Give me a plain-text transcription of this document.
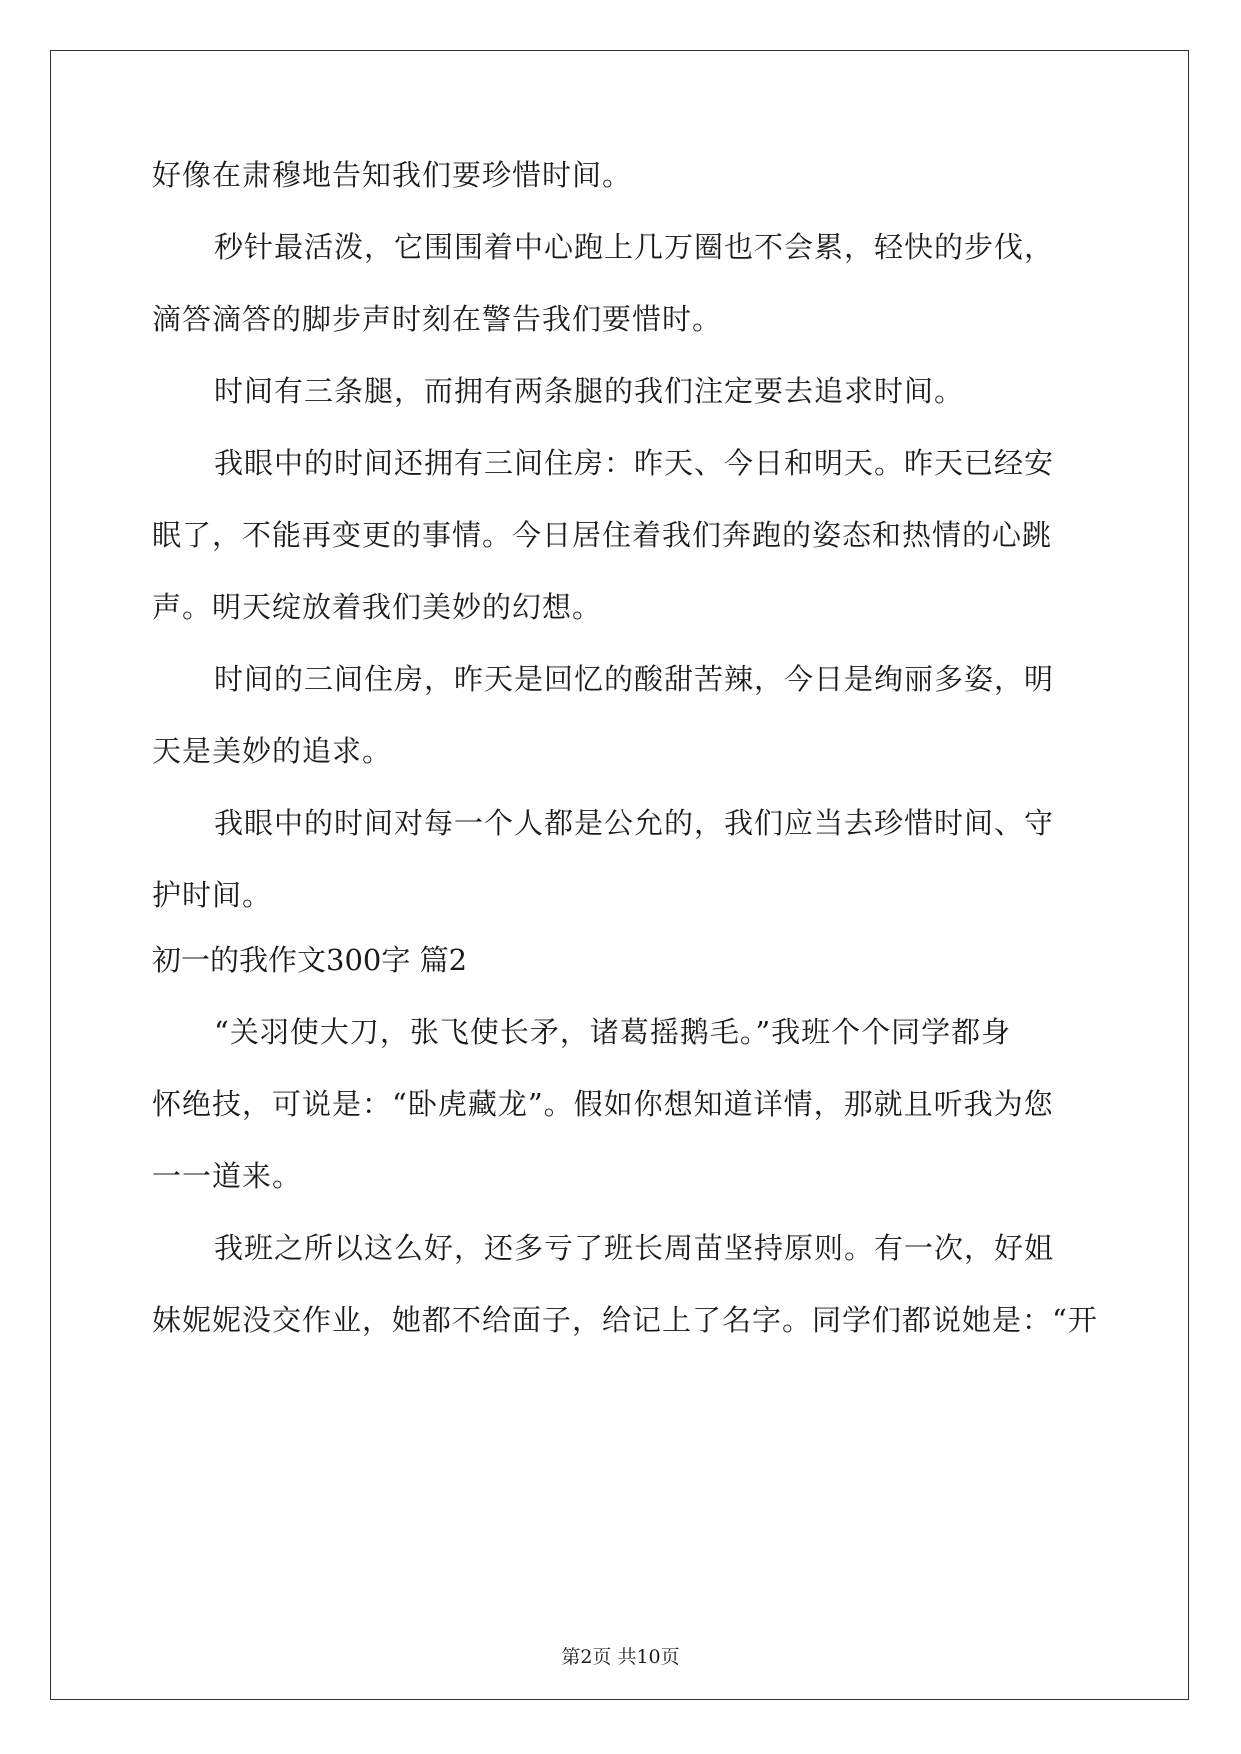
好像在肃穆地告知我们要珍惜时间。
秒针最活泼，它围围着中心跑上几万圈也不会累，轻快的步伐，
滴答滴答的脚步声时刻在警告我们要惜时。
时间有三条腿，而拥有两条腿的我们注定要去追求时间。
我眼中的时间还拥有三间住房：昨天、今日和明天。昨天已经安
眠了，不能再变更的事情。今日居住着我们奔跑的姿态和热情的心跳
声。明天绽放着我们美妙的幻想。
时间的三间住房，昨天是回忆的酸甜苦辣，今日是绚丽多姿，明
天是美妙的追求。
我眼中的时间对每一个人都是公允的，我们应当去珍惜时间、守
护时间。
初一的我作文300字 篇2
“关羽使大刀，张飞使长矛，诸葛摇鹅毛。”我班个个同学都身
怀绝技，可说是：“卧虎藏龙”。假如你想知道详情，那就且听我为您
一一道来。
我班之所以这么好，还多亏了班长周苗坚持原则。有一次，好姐
妹妮妮没交作业，她都不给面子，给记上了名字。同学们都说她是：“开
第2页 共10页
